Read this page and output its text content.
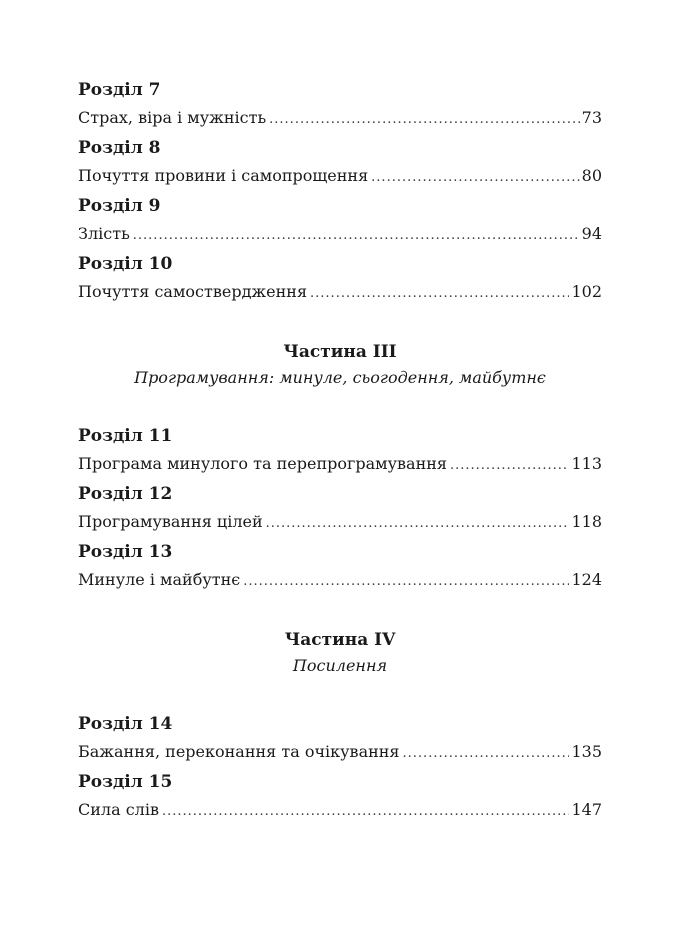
Розділ 7
Страх, віра і мужність .....	73
Розділ 8
Почуття провини і самопрощення .....	80
Розділ 9
Злість .....	94
Розділ 10
Почуття самоствердження .....	102
Частина III
Програмування: минуле, сьогодення, майбутнє
Розділ 11
Програма минулого та перепрограмування .....	113
Розділ 12
Програмування цілей .....	118
Розділ 13
Минуле і майбутнє .....	124
Частина IV
Посилення
Розділ 14
Бажання, переконання та очікування .....	135
Розділ 15
Сила слів .....	147
